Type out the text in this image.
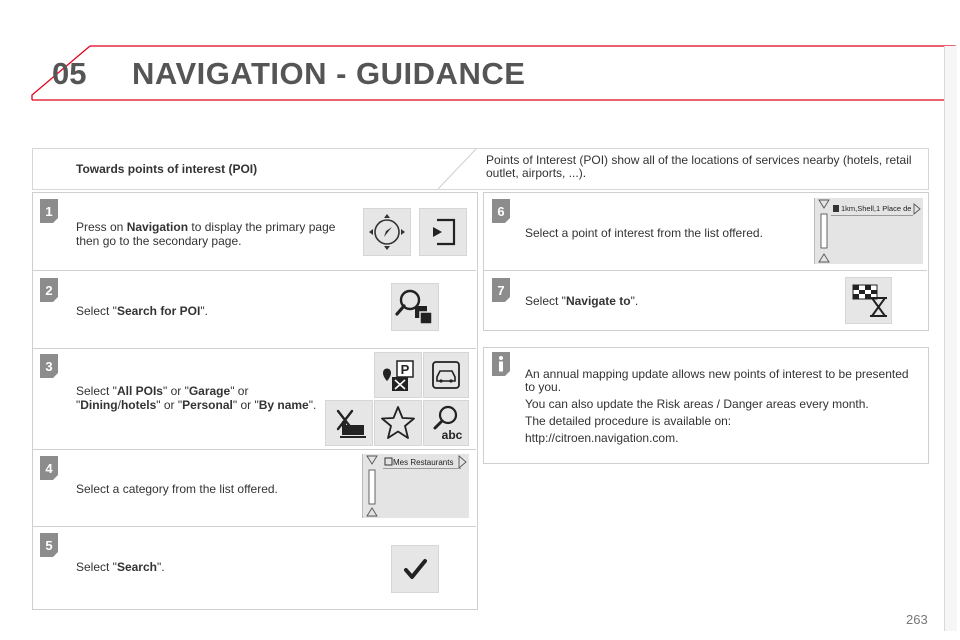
05 NAVIGATION - GUIDANCE
Towards points of interest (POI)
Points of Interest (POI) show all of the locations of services nearby (hotels, retail outlet, airports, ...).
1
2
3
4
5
Press on Navigation to display the primary page then go to the secondary page.
Select "Search for POI".
Select "All POIs" or "Garage" or "Dining/hotels" or "Personal" or "By name".
P
abc
Select a category from the list offered.
Mes Restaurants
Select "Search".
6
7
Select a point of interest from the list offered.
1km,Shell,1 Place de
Select "Navigate to".
An annual mapping update allows new points of interest to be presented to you.
You can also update the Risk areas / Danger areas every month.
The detailed procedure is available on:
http://citroen.navigation.com.
263
